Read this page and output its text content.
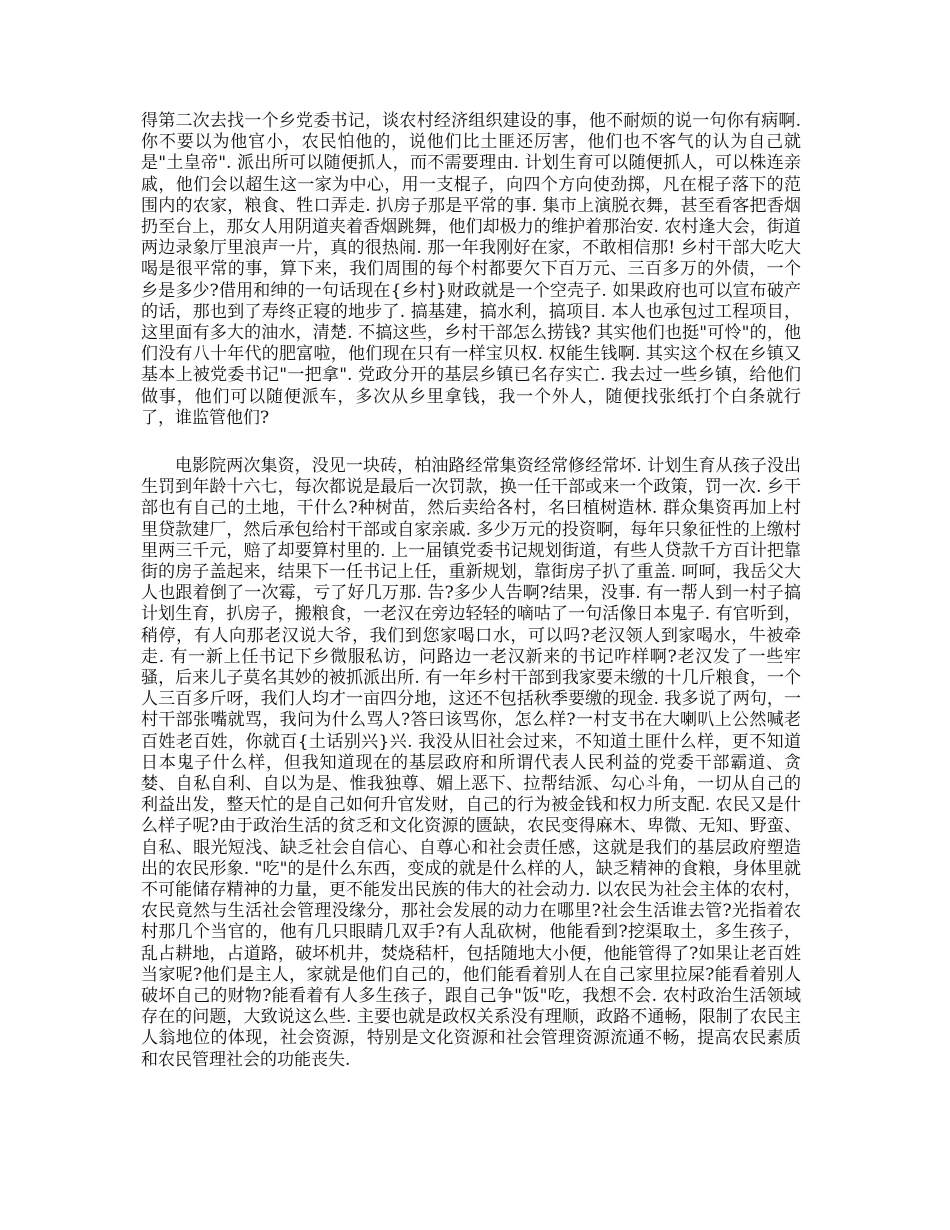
得第二次去找一个乡党委书记，谈农村经济组织建设的事，他不耐烦的说一句你有病啊. 你不要以为他官小，农民怕他的，说他们比土匪还厉害，他们也不客气的认为自己就是"土皇帝". 派出所可以随便抓人，而不需要理由. 计划生育可以随便抓人，可以株连亲戚，他们会以超生这一家为中心，用一支棍子，向四个方向使劲掷，凡在棍子落下的范围内的农家，粮食、牲口弄走. 扒房子那是平常的事. 集市上演脱衣舞，甚至看客把香烟扔至台上，那女人用阴道夹着香烟跳舞，他们却极力的维护着那治安. 农村逢大会，街道两边录象厅里浪声一片，真的很热闹. 那一年我刚好在家，不敢相信那! 乡村干部大吃大喝是很平常的事，算下来，我们周围的每个村都要欠下百万元、三百多万的外债，一个乡是多少?借用和绅的一句话现在{乡村}财政就是一个空壳子. 如果政府也可以宣布破产的话，那也到了寿终正寝的地步了. 搞基建，搞水利，搞项目. 本人也承包过工程项目，这里面有多大的油水，清楚. 不搞这些，乡村干部怎么捞钱? 其实他们也挺"可怜"的，他们没有八十年代的肥富啦，他们现在只有一样宝贝权. 权能生钱啊. 其实这个权在乡镇又基本上被党委书记"一把拿". 党政分开的基层乡镇已名存实亡. 我去过一些乡镇，给他们做事，他们可以随便派车，多次从乡里拿钱，我一个外人，随便找张纸打个白条就行了，谁监管他们?

电影院两次集资，没见一块砖，柏油路经常集资经常修经常坏. 计划生育从孩子没出生罚到年龄十六七，每次都说是最后一次罚款，换一任干部或来一个政策，罚一次. 乡干部也有自己的土地，干什么?种树苗，然后卖给各村，名曰植树造林. 群众集资再加上村里贷款建厂，然后承包给村干部或自家亲戚. 多少万元的投资啊，每年只象征性的上缴村里两三千元，赔了却要算村里的. 上一届镇党委书记规划街道，有些人贷款千方百计把靠街的房子盖起来，结果下一任书记上任，重新规划，靠街房子扒了重盖. 呵呵，我岳父大人也跟着倒了一次霉，亏了好几万那. 告?多少人告啊?结果，没事. 有一帮人到一村子搞计划生育，扒房子，搬粮食，一老汉在旁边轻轻的嘀咕了一句活像日本鬼子. 有官听到，稍停，有人向那老汉说大爷，我们到您家喝口水，可以吗?老汉领人到家喝水，牛被牵走. 有一新上任书记下乡微服私访，问路边一老汉新来的书记咋样啊?老汉发了一些牢骚，后来儿子莫名其妙的被抓派出所. 有一年乡村干部到我家要未缴的十几斤粮食，一个人三百多斤呀，我们人均才一亩四分地，这还不包括秋季要缴的现金. 我多说了两句，一村干部张嘴就骂，我问为什么骂人?答曰该骂你，怎么样?一村支书在大喇叭上公然喊老百姓老百姓，你就百{土话别兴}兴. 我没从旧社会过来，不知道土匪什么样，更不知道日本鬼子什么样，但我知道现在的基层政府和所谓代表人民利益的党委干部霸道、贪婪、自私自利、自以为是、惟我独尊、媚上恶下、拉帮结派、勾心斗角，一切从自己的利益出发，整天忙的是自己如何升官发财，自己的行为被金钱和权力所支配. 农民又是什么样子呢?由于政治生活的贫乏和文化资源的匮缺，农民变得麻木、卑微、无知、野蛮、自私、眼光短浅、缺乏社会自信心、自尊心和社会责任感，这就是我们的基层政府塑造出的农民形象. "吃"的是什么东西，变成的就是什么样的人，缺乏精神的食粮，身体里就不可能储存精神的力量，更不能发出民族的伟大的社会动力. 以农民为社会主体的农村，农民竟然与生活社会管理没缘分，那社会发展的动力在哪里?社会生活谁去管?光指着农村那几个当官的，他有几只眼睛几双手?有人乱砍树，他能看到?挖渠取土，多生孩子，乱占耕地，占道路，破坏机井，焚烧秸杆，包括随地大小便，他能管得了?如果让老百姓当家呢?他们是主人，家就是他们自己的，他们能看着别人在自己家里拉屎?能看着别人破坏自己的财物?能看着有人多生孩子，跟自己争"饭"吃，我想不会. 农村政治生活领域存在的问题，大致说这么些. 主要也就是政权关系没有理顺，政路不通畅，限制了农民主人翁地位的体现，社会资源，特别是文化资源和社会管理资源流通不畅，提高农民素质和农民管理社会的功能丧失.
